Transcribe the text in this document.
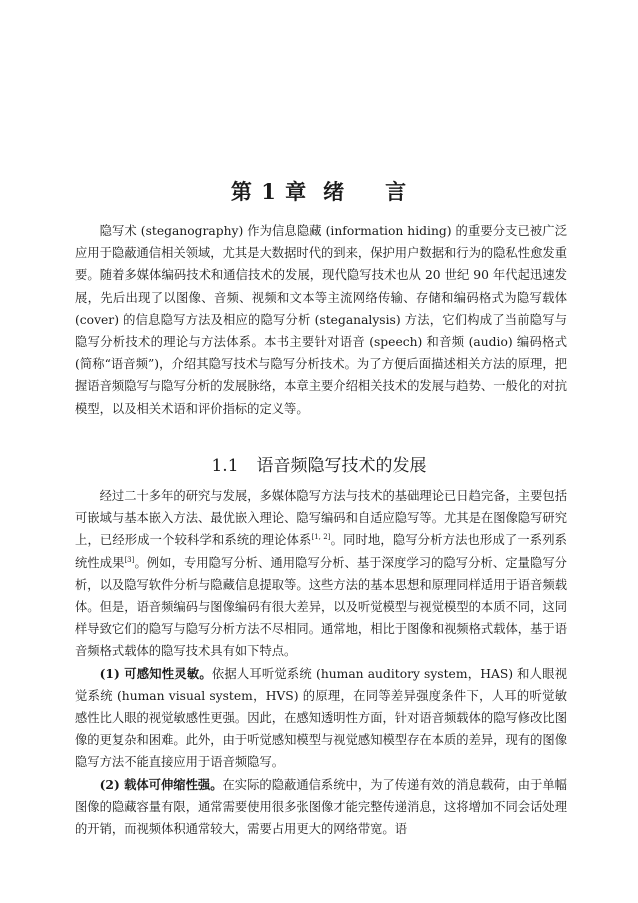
第 1 章 绪 言

隐写术 (steganography) 作为信息隐藏 (information hiding) 的重要分支已被广泛应用于隐蔽通信相关领域，尤其是大数据时代的到来，保护用户数据和行为的隐私性愈发重要。随着多媒体编码技术和通信技术的发展，现代隐写技术也从 20 世纪 90 年代起迅速发展，先后出现了以图像、音频、视频和文本等主流网络传输、存储和编码格式为隐写载体 (cover) 的信息隐写方法及相应的隐写分析 (steganalysis) 方法，它们构成了当前隐写与隐写分析技术的理论与方法体系。本书主要针对语音 (speech) 和音频 (audio) 编码格式 (简称“语音频”)，介绍其隐写技术与隐写分析技术。为了方便后面描述相关方法的原理，把握语音频隐写与隐写分析的发展脉络，本章主要介绍相关技术的发展与趋势、一般化的对抗模型，以及相关术语和评价指标的定义等。

1.1 语音频隐写技术的发展

经过二十多年的研究与发展，多媒体隐写方法与技术的基础理论已日趋完备，主要包括可嵌域与基本嵌入方法、最优嵌入理论、隐写编码和自适应隐写等。尤其是在图像隐写研究上，已经形成一个较科学和系统的理论体系[1, 2]。同时地，隐写分析方法也形成了一系列系统性成果[3]。例如，专用隐写分析、通用隐写分析、基于深度学习的隐写分析、定量隐写分析，以及隐写软件分析与隐藏信息提取等。这些方法的基本思想和原理同样适用于语音频载体。但是，语音频编码与图像编码有很大差异，以及听觉模型与视觉模型的本质不同，这同样导致它们的隐写与隐写分析方法不尽相同。通常地，相比于图像和视频格式载体，基于语音频格式载体的隐写技术具有如下特点。

(1) 可感知性灵敏。依据人耳听觉系统 (human auditory system，HAS) 和人眼视觉系统 (human visual system，HVS) 的原理，在同等差异强度条件下，人耳的听觉敏感性比人眼的视觉敏感性更强。因此，在感知透明性方面，针对语音频载体的隐写修改比图像的更复杂和困难。此外，由于听觉感知模型与视觉感知模型存在本质的差异，现有的图像隐写方法不能直接应用于语音频隐写。

(2) 载体可伸缩性强。在实际的隐蔽通信系统中，为了传递有效的消息载荷，由于单幅图像的隐藏容量有限，通常需要使用很多张图像才能完整传递消息，这将增加不同会话处理的开销，而视频体积通常较大，需要占用更大的网络带宽。语
